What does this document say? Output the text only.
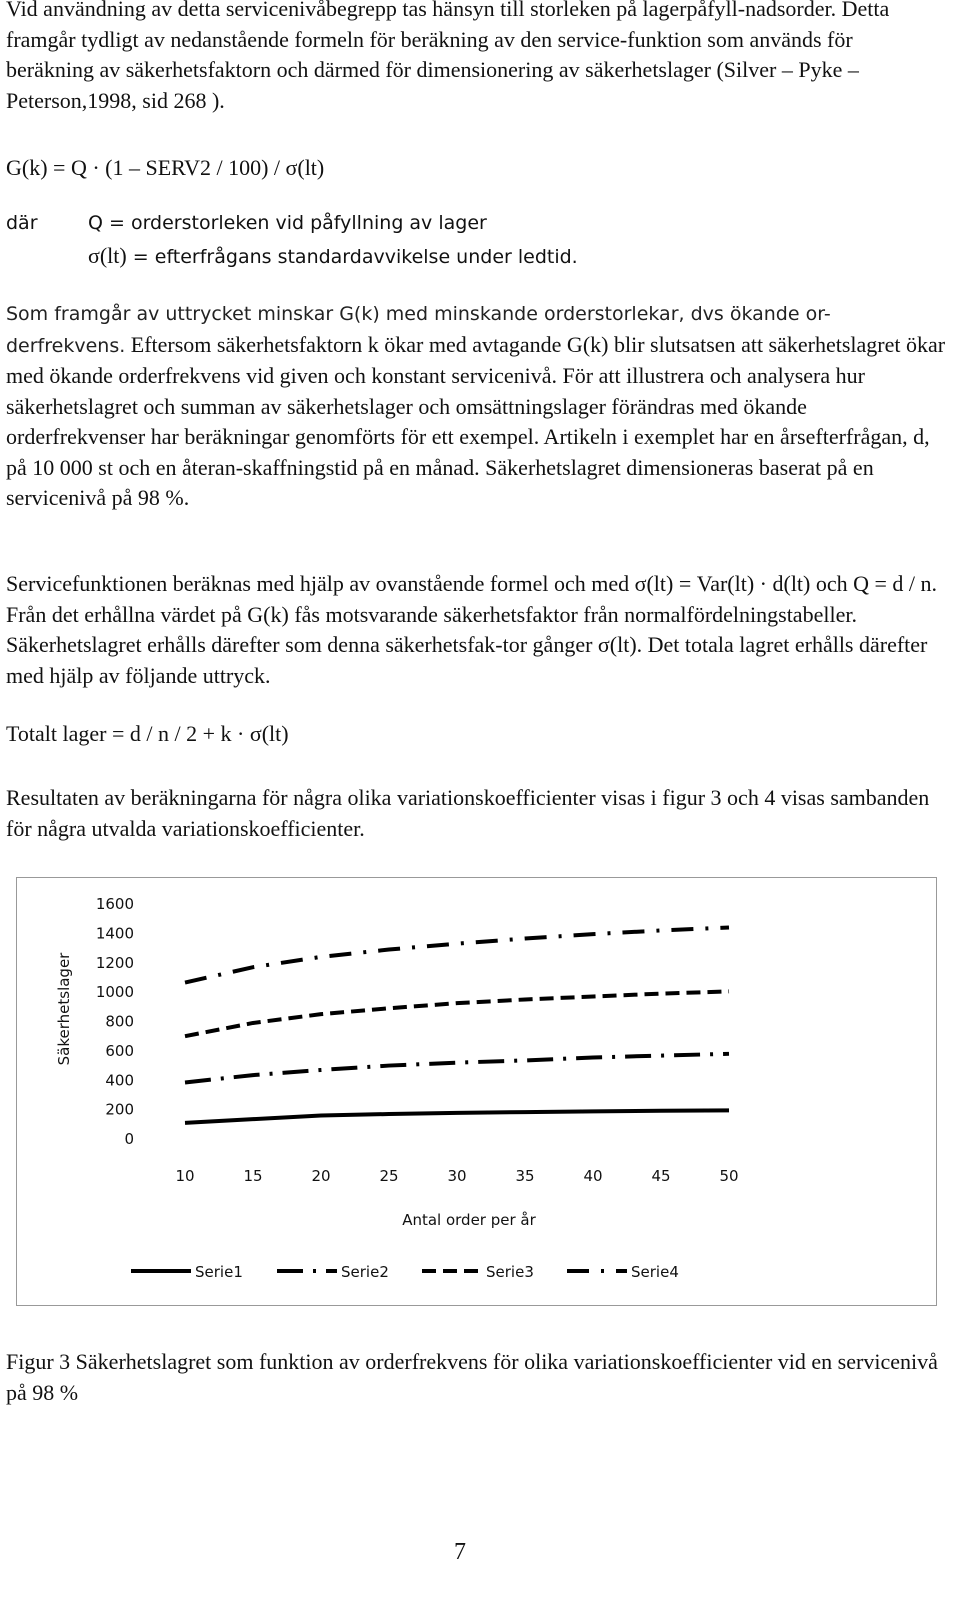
Vid användning av detta servicenivåbegrepp tas hänsyn till storleken på lagerpåfyll-nadsorder. Detta framgår tydligt av nedanstående formeln för beräkning av den service-funktion som används för beräkning av säkerhetsfaktorn och därmed för dimensionering av säkerhetslager (Silver – Pyke – Peterson,1998, sid 268 ).

G(k) = Q · (1 – SERV2 / 100) / σ(lt)
där	Q = orderstorleken vid påfyllning av lager
σ(lt) = efterfrågans standardavvikelse under ledtid.

Som framgår av uttrycket minskar G(k) med minskande orderstorlekar, dvs ökande or-derfrekvens. Eftersom säkerhetsfaktorn k ökar med avtagande G(k) blir slutsatsen att säkerhetslagret ökar med ökande orderfrekvens vid given och konstant servicenivå. För att illustrera och analysera hur säkerhetslagret och summan av säkerhetslager och omsättningslager förändras med ökande orderfrekvenser har beräkningar genomförts för ett exempel. Artikeln i exemplet har en årsefterfrågan, d, på 10 000 st och en återan-skaffningstid på en månad. Säkerhetslagret dimensioneras baserat på en servicenivå på 98 %.

Servicefunktionen beräknas med hjälp av ovanstående formel och med σ(lt) = Var(lt) · d(lt) och Q = d / n. Från det erhållna värdet på G(k) fås motsvarande säkerhetsfaktor från normalfördelningstabeller. Säkerhetslagret erhålls därefter som denna säkerhetsfak-tor gånger σ(lt). Det totala lagret erhålls därefter med hjälp av följande uttryck.

Totalt lager = d / n / 2 + k · σ(lt)

Resultaten av beräkningarna för några olika variationskoefficienter visas i figur 3 och 4 visas sambanden för några utvalda variationskoefficienter.

0
200
400
600
800
1000
1200
1400
1600
10	15	20	25	30	35	40	45	50
Antal order per år
Säkerhetslager
Serie1	Serie2	Serie3	Serie4

Figur 3 Säkerhetslagret som funktion av orderfrekvens för olika variationskoefficienter vid en servicenivå på 98 %

7
